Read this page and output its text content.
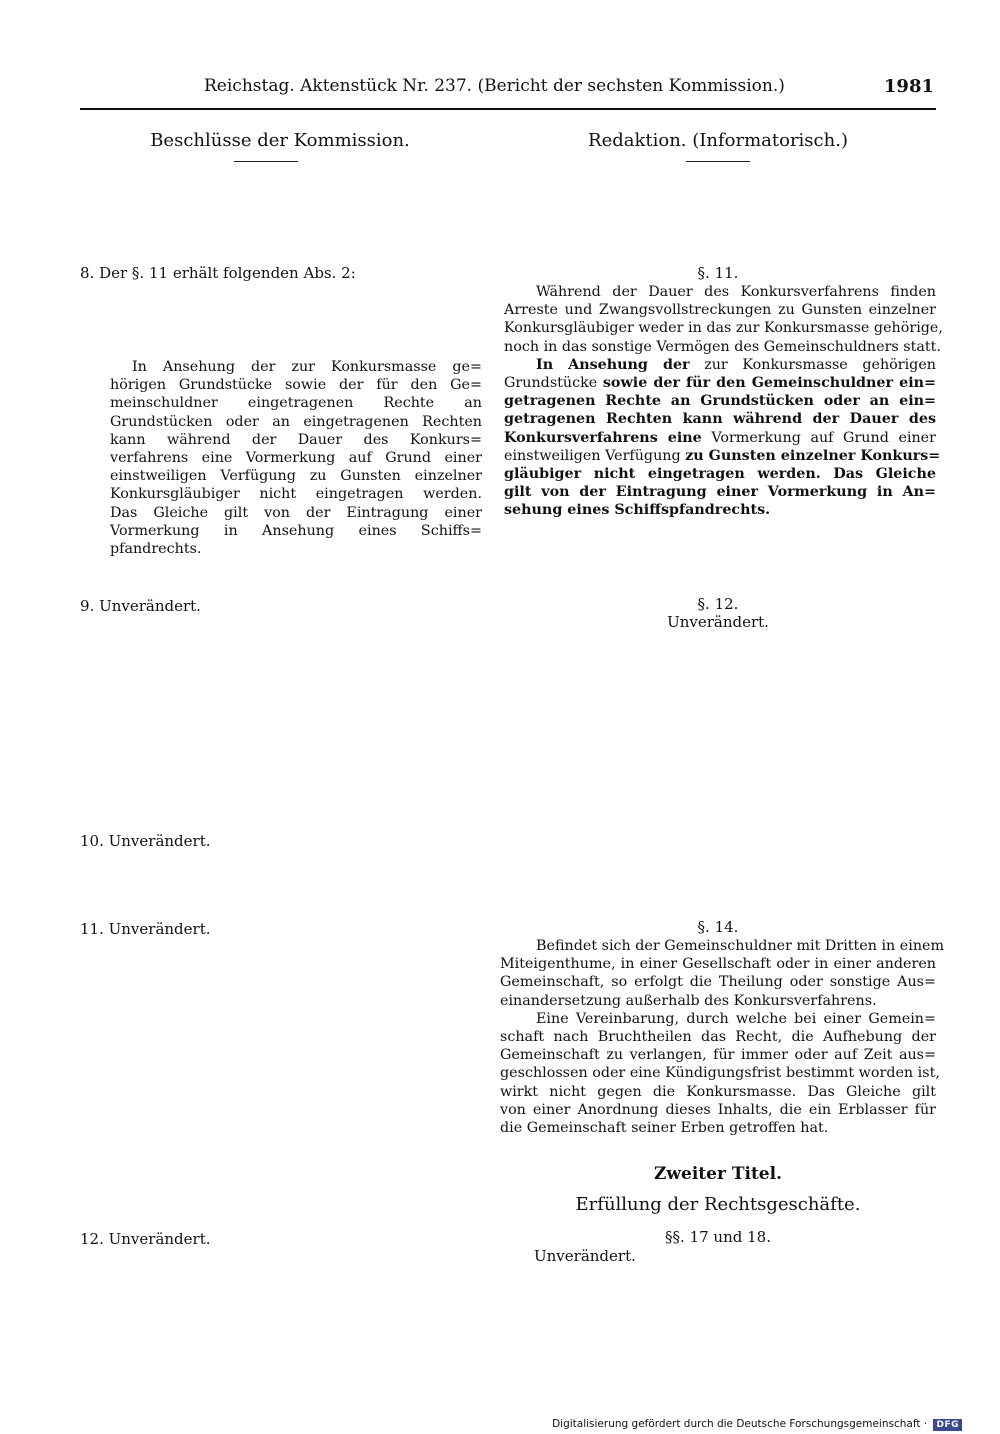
Reichstag. Aktenstück Nr. 237. (Bericht der sechsten Kommission.)	1981
Beschlüsse der Kommission.	Redaktion. (Informatorisch.)
8. Der §. 11 erhält folgenden Abs. 2:
In Ansehung der zur Konkursmasse ge=
hörigen Grundstücke sowie der für den Ge=
meinschuldner eingetragenen Rechte an
Grundstücken oder an eingetragenen Rechten
kann während der Dauer des Konkurs=
verfahrens eine Vormerkung auf Grund einer
einstweiligen Verfügung zu Gunsten einzelner
Konkursgläubiger nicht eingetragen werden.
Das Gleiche gilt von der Eintragung einer
Vormerkung in Ansehung eines Schiffs=
pfandrechts.
9. Unverändert.
10. Unverändert.
11. Unverändert.
12. Unverändert.
§. 11.
Während der Dauer des Konkursverfahrens finden
Arreste und Zwangsvollstreckungen zu Gunsten einzelner
Konkursgläubiger weder in das zur Konkursmasse gehörige,
noch in das sonstige Vermögen des Gemeinschuldners statt.
In Ansehung der zur Konkursmasse gehörigen
Grundstücke sowie der für den Gemeinschuldner ein=
getragenen Rechte an Grundstücken oder an ein=
getragenen Rechten kann während der Dauer des
Konkursverfahrens eine Vormerkung auf Grund einer
einstweiligen Verfügung zu Gunsten einzelner Konkurs=
gläubiger nicht eingetragen werden. Das Gleiche
gilt von der Eintragung einer Vormerkung in An=
sehung eines Schiffspfandrechts.
§. 12.
Unverändert.
§. 14.
Befindet sich der Gemeinschuldner mit Dritten in einem
Miteigenthume, in einer Gesellschaft oder in einer anderen
Gemeinschaft, so erfolgt die Theilung oder sonstige Aus=
einandersetzung außerhalb des Konkursverfahrens.
Eine Vereinbarung, durch welche bei einer Gemein=
schaft nach Bruchtheilen das Recht, die Aufhebung der
Gemeinschaft zu verlangen, für immer oder auf Zeit aus=
geschlossen oder eine Kündigungsfrist bestimmt worden ist,
wirkt nicht gegen die Konkursmasse. Das Gleiche gilt
von einer Anordnung dieses Inhalts, die ein Erblasser für
die Gemeinschaft seiner Erben getroffen hat.
Zweiter Titel.
Erfüllung der Rechtsgeschäfte.
§§. 17 und 18.
Unverändert.
Digitalisierung gefördert durch die Deutsche Forschungsgemeinschaft · DFG
